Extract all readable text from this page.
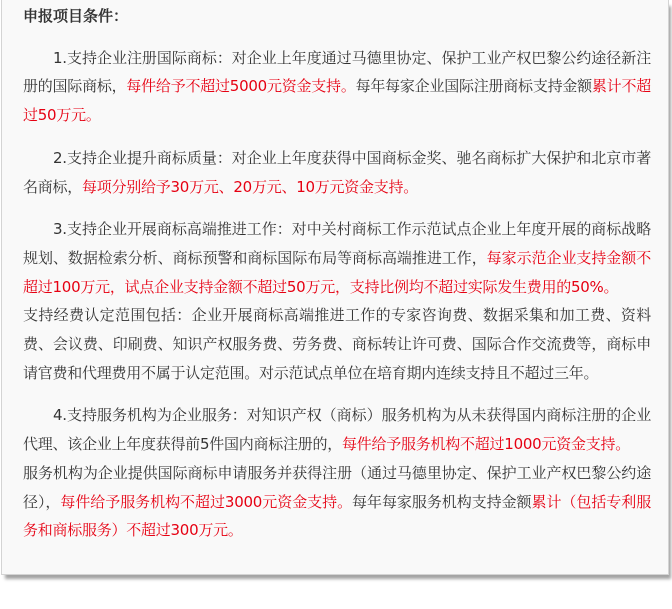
申报项目条件：

1.支持企业注册国际商标：对企业上年度通过马德里协定、保护工业产权巴黎公约途径新注册的国际商标，每件给予不超过5000元资金支持。每年每家企业国际注册商标支持金额累计不超过50万元。

2.支持企业提升商标质量：对企业上年度获得中国商标金奖、驰名商标扩大保护和北京市著名商标，每项分别给予30万元、20万元、10万元资金支持。

3.支持企业开展商标高端推进工作：对中关村商标工作示范试点企业上年度开展的商标战略规划、数据检索分析、商标预警和商标国际布局等商标高端推进工作，每家示范企业支持金额不超过100万元，试点企业支持金额不超过50万元，支持比例均不超过实际发生费用的50%。
支持经费认定范围包括：企业开展商标高端推进工作的专家咨询费、数据采集和加工费、资料费、会议费、印刷费、知识产权服务费、劳务费、商标转让许可费、国际合作交流费等，商标申请官费和代理费用不属于认定范围。对示范试点单位在培育期内连续支持且不超过三年。

4.支持服务机构为企业服务：对知识产权（商标）服务机构为从未获得国内商标注册的企业代理、该企业上年度获得前5件国内商标注册的，每件给予服务机构不超过1000元资金支持。
服务机构为企业提供国际商标申请服务并获得注册（通过马德里协定、保护工业产权巴黎公约途径），每件给予服务机构不超过3000元资金支持。每年每家服务机构支持金额累计（包括专利服务和商标服务）不超过300万元。
